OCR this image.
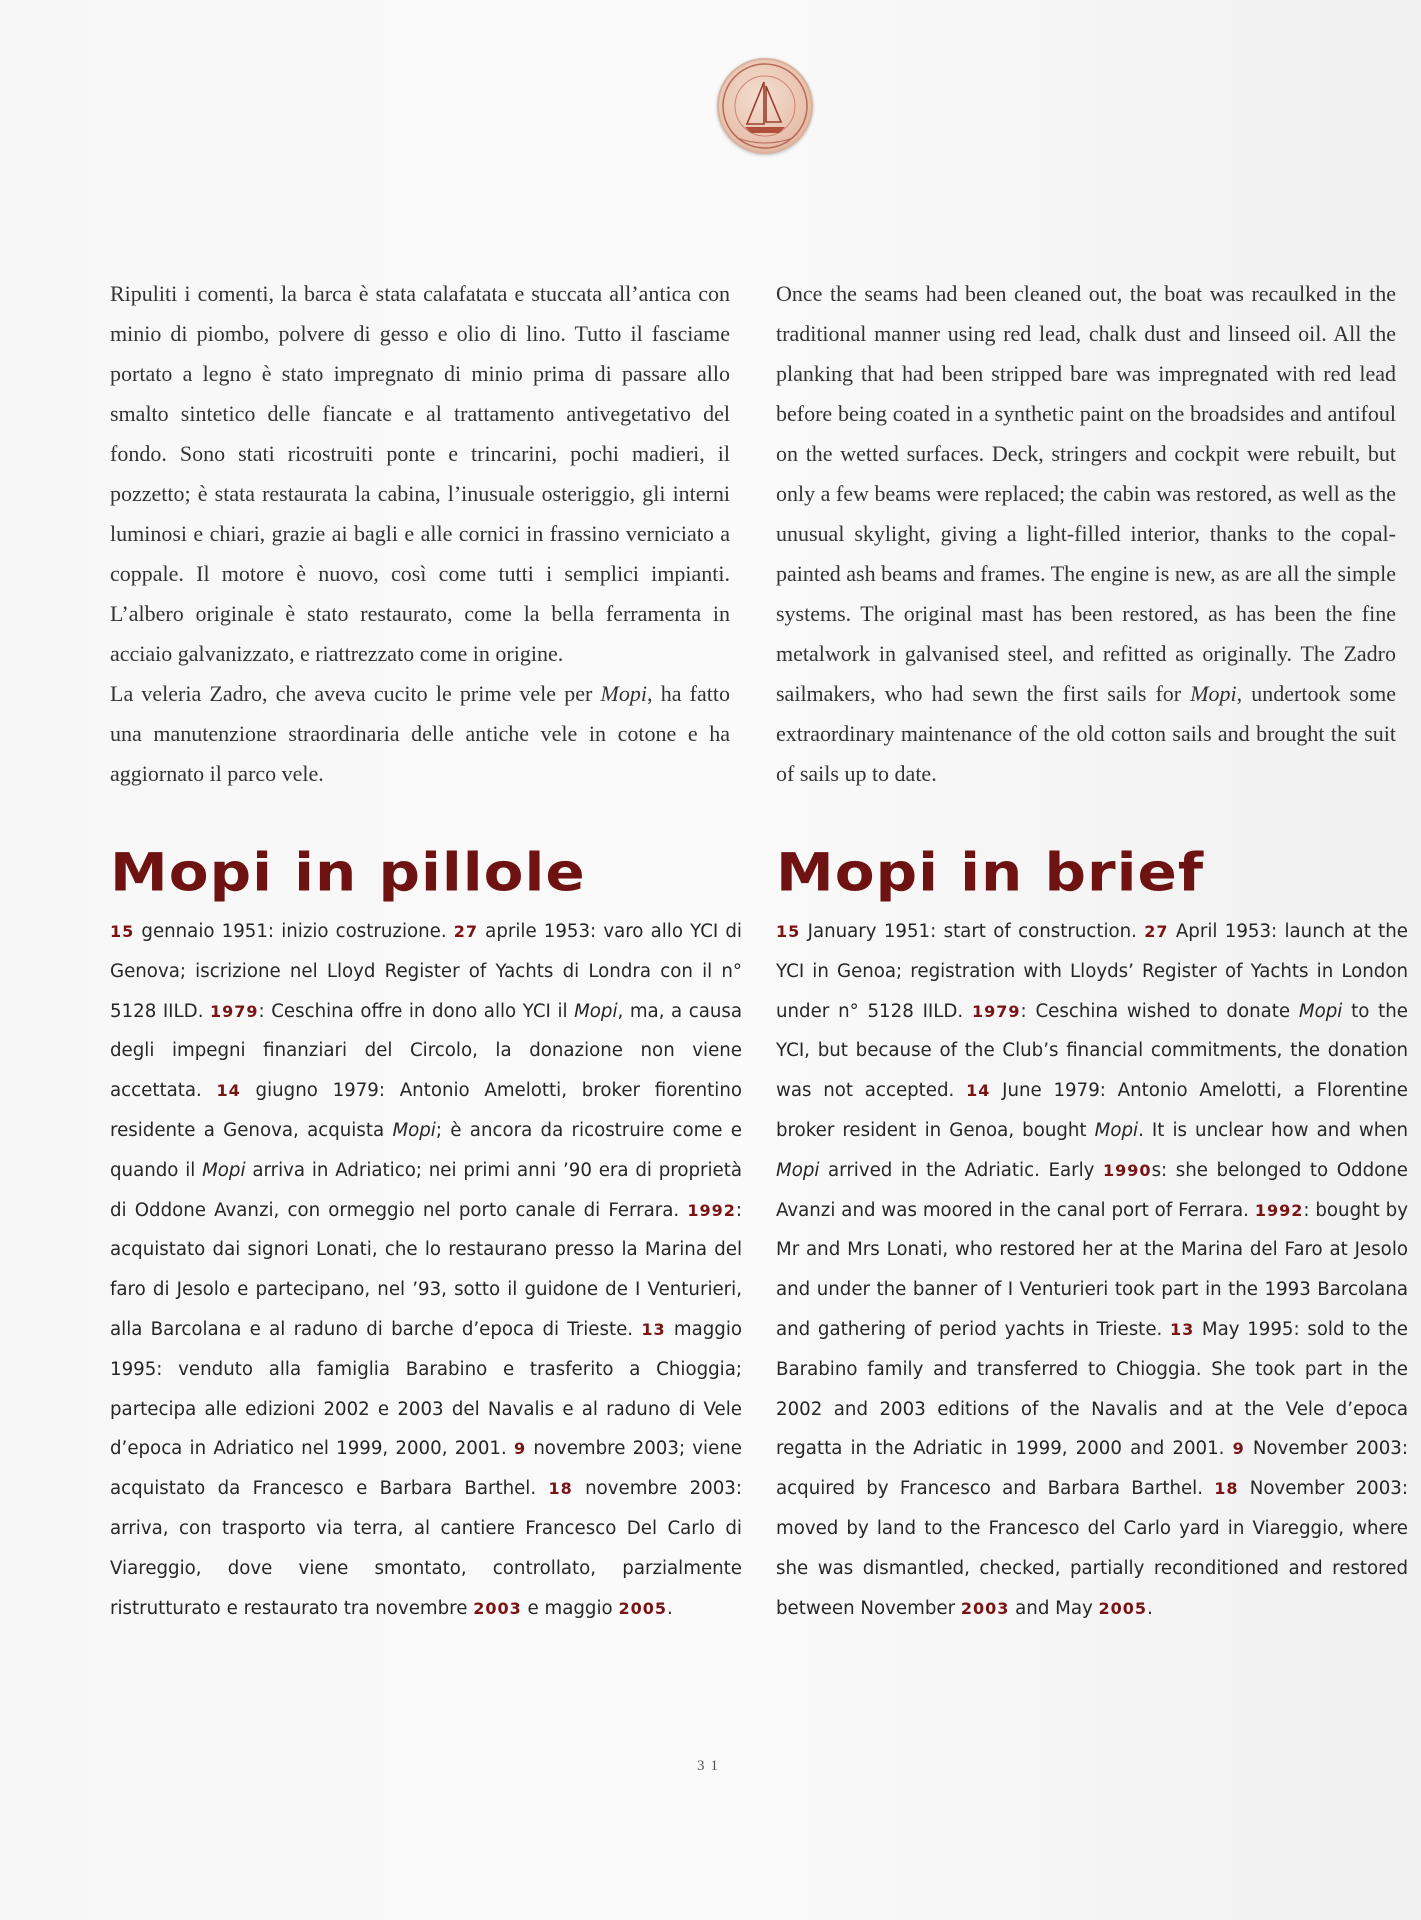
Ripuliti i comenti, la barca è stata calafatata e stuccata all’antica con minio di piombo, polvere di gesso e olio di lino. Tutto il fasciame portato a legno è stato impregnato di minio prima di passare allo smalto sintetico delle fiancate e al trattamento antivegetativo del fondo. Sono stati ricostruiti ponte e trincarini, pochi madieri, il pozzetto; è stata restaurata la cabina, l’inusuale osteriggio, gli interni luminosi e chiari, grazie ai bagli e alle cornici in frassino verniciato a coppale. Il motore è nuovo, così come tutti i semplici impianti. L’albero originale è stato restaurato, come la bella ferramenta in acciaio galvanizzato, e riattrezzato come in origine.
La veleria Zadro, che aveva cucito le prime vele per Mopi, ha fatto una manutenzione straordinaria delle antiche vele in cotone e ha aggiornato il parco vele.

Mopi in pillole

15 gennaio 1951: inizio costruzione. 27 aprile 1953: varo allo YCI di Genova; iscrizione nel Lloyd Register of Yachts di Londra con il n° 5128 IILD. 1979: Ceschina offre in dono allo YCI il Mopi, ma, a causa degli impegni finanziari del Circolo, la donazione non viene accettata. 14 giugno 1979: Antonio Amelotti, broker fiorentino residente a Genova, acquista Mopi; è ancora da ricostruire come e quando il Mopi arriva in Adriatico; nei primi anni ’90 era di proprietà di Oddone Avanzi, con ormeggio nel porto canale di Ferrara. 1992: acquistato dai signori Lonati, che lo restaurano presso la Marina del faro di Jesolo e partecipano, nel ’93, sotto il guidone de I Venturieri, alla Barcolana e al raduno di barche d’epoca di Trieste. 13 maggio 1995: venduto alla famiglia Barabino e trasferito a Chioggia; partecipa alle edizioni 2002 e 2003 del Navalis e al raduno di Vele d’epoca in Adriatico nel 1999, 2000, 2001. 9 novembre 2003; viene acquistato da Francesco e Barbara Barthel. 18 novembre 2003: arriva, con trasporto via terra, al cantiere Francesco Del Carlo di Viareggio, dove viene smontato, controllato, parzialmente ristrutturato e restaurato tra novembre 2003 e maggio 2005.

Once the seams had been cleaned out, the boat was recaulked in the traditional manner using red lead, chalk dust and linseed oil. All the planking that had been stripped bare was impregnated with red lead before being coated in a synthetic paint on the broadsides and antifoul on the wetted surfaces. Deck, stringers and cockpit were rebuilt, but only a few beams were replaced; the cabin was restored, as well as the unusual skylight, giving a light-filled interior, thanks to the copal-painted ash beams and frames. The engine is new, as are all the simple systems. The original mast has been restored, as has been the fine metalwork in galvanised steel, and refitted as originally. The Zadro sailmakers, who had sewn the first sails for Mopi, undertook some extraordinary maintenance of the old cotton sails and brought the suit of sails up to date.

Mopi in brief

15 January 1951: start of construction. 27 April 1953: launch at the YCI in Genoa; registration with Lloyds’ Register of Yachts in London under n° 5128 IILD. 1979: Ceschina wished to donate Mopi to the YCI, but because of the Club’s financial commitments, the donation was not accepted. 14 June 1979: Antonio Amelotti, a Florentine broker resident in Genoa, bought Mopi. It is unclear how and when Mopi arrived in the Adriatic. Early 1990s: she belonged to Oddone Avanzi and was moored in the canal port of Ferrara. 1992: bought by Mr and Mrs Lonati, who restored her at the Marina del Faro at Jesolo and under the banner of I Venturieri took part in the 1993 Barcolana and gathering of period yachts in Trieste. 13 May 1995: sold to the Barabino family and transferred to Chioggia. She took part in the 2002 and 2003 editions of the Navalis and at the Vele d’epoca regatta in the Adriatic in 1999, 2000 and 2001. 9 November 2003: acquired by Francesco and Barbara Barthel. 18 November 2003: moved by land to the Francesco del Carlo yard in Viareggio, where she was dismantled, checked, partially reconditioned and restored between November 2003 and May 2005.

31
